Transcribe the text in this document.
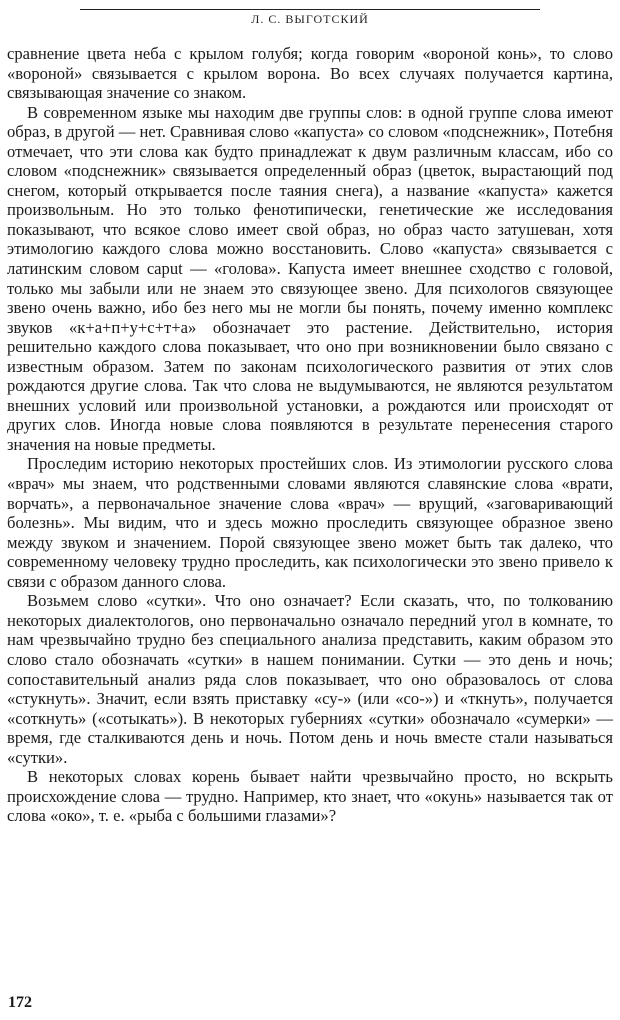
Л. С. ВЫГОТСКИЙ

сравнение цвета неба с крылом голубя; когда говорим «вороной конь», то слово «вороной» связывается с крылом ворона. Во всех случаях получается картина, связывающая значение со знаком.

В современном языке мы находим две группы слов: в одной группе слова имеют образ, в другой — нет. Сравнивая слово «капуста» со словом «подснежник», Потебня отмечает, что эти слова как будто принадлежат к двум различным классам, ибо со словом «подснежник» связывается определенный образ (цветок, вырастающий под снегом, который открывается после таяния снега), а название «капуста» кажется произвольным. Но это только фенотипически, генетические же исследования показывают, что всякое слово имеет свой образ, но образ часто затушеван, хотя этимологию каждого слова можно восстановить. Слово «капуста» связывается с латинским словом caput — «голова». Капуста имеет внешнее сходство с головой, только мы забыли или не знаем это связующее звено. Для психологов связующее звено очень важно, ибо без него мы не могли бы понять, почему именно комплекс звуков «к+а+п+у+с+т+а» обозначает это растение. Действительно, история решительно каждого слова показывает, что оно при возникновении было связано с известным образом. Затем по законам психологического развития от этих слов рождаются другие слова. Так что слова не выдумываются, не являются результатом внешних условий или произвольной установки, а рождаются или происходят от других слов. Иногда новые слова появляются в результате перенесения старого значения на новые предметы.

Проследим историю некоторых простейших слов. Из этимологии русского слова «врач» мы знаем, что родственными словами являются славянские слова «врати, ворчать», а первоначальное значение слова «врач» — врущий, «заговаривающий болезнь». Мы видим, что и здесь можно проследить связующее образное звено между звуком и значением. Порой связующее звено может быть так далеко, что современному человеку трудно проследить, как психологически это звено привело к связи с образом данного слова.

Возьмем слово «сутки». Что оно означает? Если сказать, что, по толкованию некоторых диалектологов, оно первоначально означало передний угол в комнате, то нам чрезвычайно трудно без специального анализа представить, каким образом это слово стало обозначать «сутки» в нашем понимании. Сутки — это день и ночь; сопоставительный анализ ряда слов показывает, что оно образовалось от слова «стукнуть». Значит, если взять приставку «су-» (или «со-») и «ткнуть», получается «соткнуть» («сотыкать»). В некоторых губерниях «сутки» обозначало «сумерки» — время, где сталкиваются день и ночь. Потом день и ночь вместе стали называться «сутки».

В некоторых словах корень бывает найти чрезвычайно просто, но вскрыть происхождение слова — трудно. Например, кто знает, что «окунь» называется так от слова «око», т. е. «рыба с большими глазами»?

172
